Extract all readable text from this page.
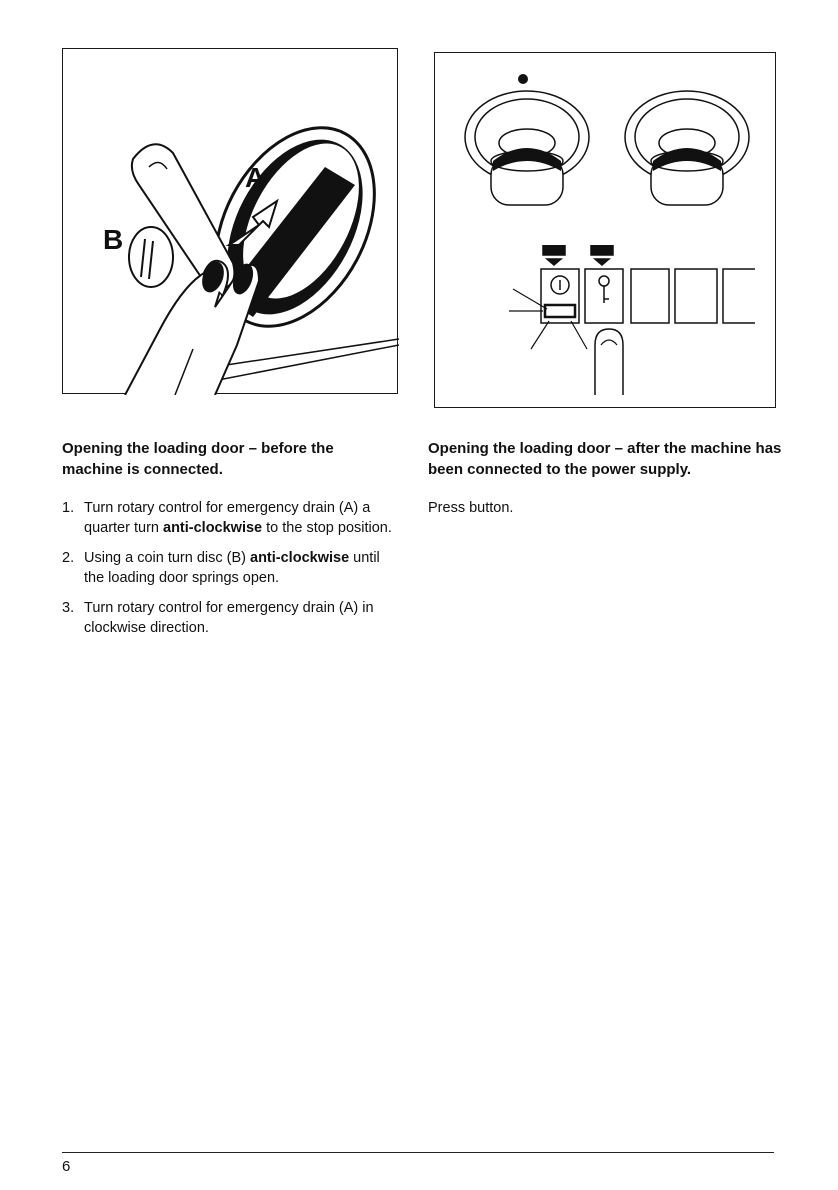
A
B

Opening the loading door – before the machine is connected.

1. Turn rotary control for emergency drain (A) a quarter turn anti-clockwise to the stop position.
2. Using a coin turn disc (B) anti-clockwise until the loading door springs open.
3. Turn rotary control for emergency drain (A) in clockwise direction.

Opening the loading door – after the machine has been connected to the power supply.

Press button.

6
